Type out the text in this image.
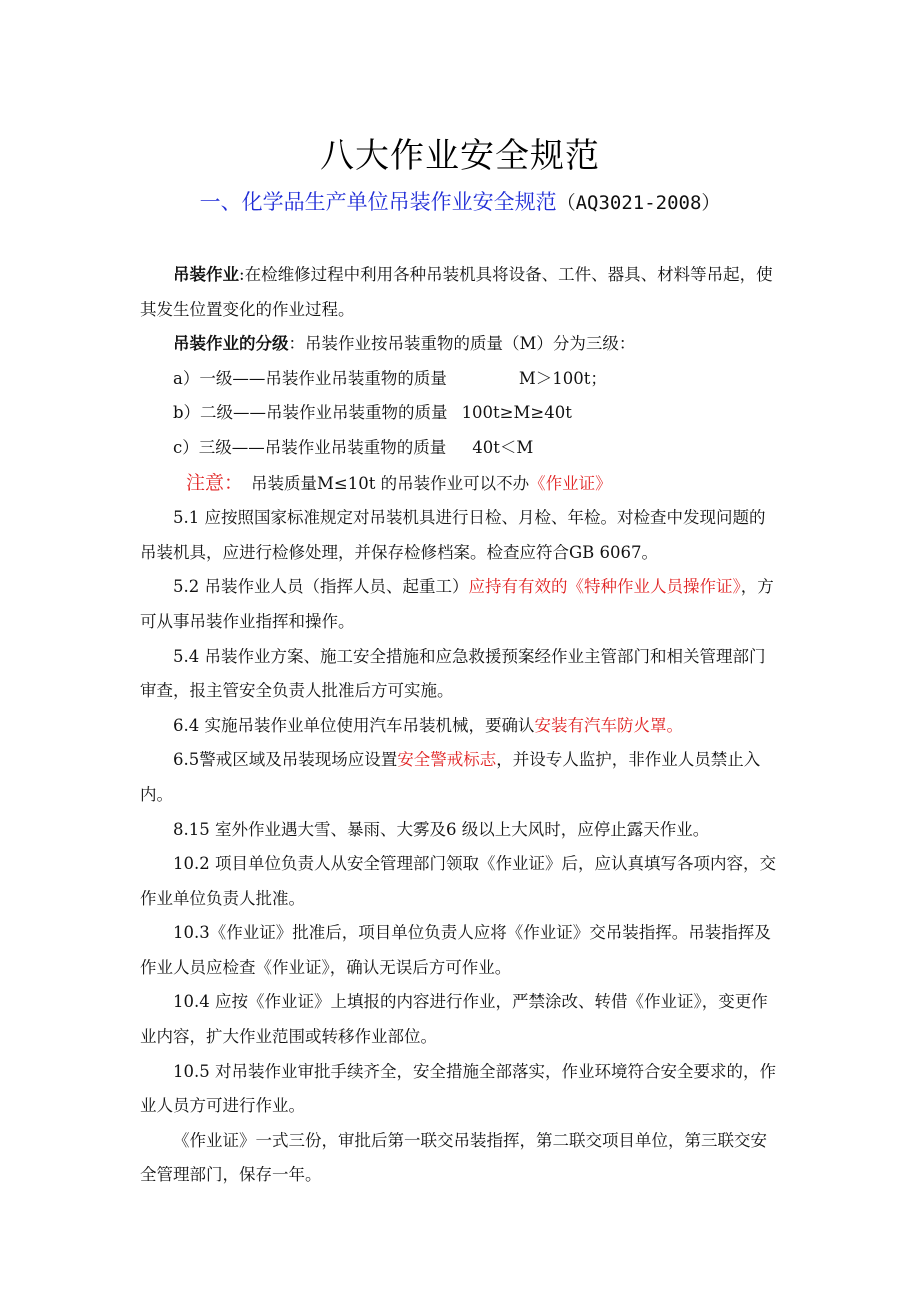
八大作业安全规范
一、化学品生产单位吊装作业安全规范（AQ3021-2008）

吊装作业:在检维修过程中利用各种吊装机具将设备、工件、器具、材料等吊起，使其发生位置变化的作业过程。

吊装作业的分级：吊装作业按吊装重物的质量（M）分为三级：

a）一级——吊装作业吊装重物的质量	M＞100t；

b）二级——吊装作业吊装重物的质量 100t≥M≥40t

c）三级——吊装作业吊装重物的质量 40t＜M

注意： 吊装质量M≤10t 的吊装作业可以不办《作业证》

5.1 应按照国家标准规定对吊装机具进行日检、月检、年检。对检查中发现问题的吊装机具，应进行检修处理，并保存检修档案。检查应符合GB 6067。

5.2 吊装作业人员（指挥人员、起重工）应持有有效的《特种作业人员操作证》，方可从事吊装作业指挥和操作。

5.4 吊装作业方案、施工安全措施和应急救援预案经作业主管部门和相关管理部门审查，报主管安全负责人批准后方可实施。

6.4 实施吊装作业单位使用汽车吊装机械，要确认安装有汽车防火罩。

6.5警戒区域及吊装现场应设置安全警戒标志，并设专人监护，非作业人员禁止入内。

8.15 室外作业遇大雪、暴雨、大雾及6 级以上大风时，应停止露天作业。

10.2 项目单位负责人从安全管理部门领取《作业证》后，应认真填写各项内容，交作业单位负责人批准。

10.3《作业证》批准后，项目单位负责人应将《作业证》交吊装指挥。吊装指挥及作业人员应检查《作业证》，确认无误后方可作业。

10.4 应按《作业证》上填报的内容进行作业，严禁涂改、转借《作业证》，变更作业内容，扩大作业范围或转移作业部位。

10.5 对吊装作业审批手续齐全，安全措施全部落实，作业环境符合安全要求的，作业人员方可进行作业。

《作业证》一式三份，审批后第一联交吊装指挥，第二联交项目单位，第三联交安全管理部门，保存一年。
